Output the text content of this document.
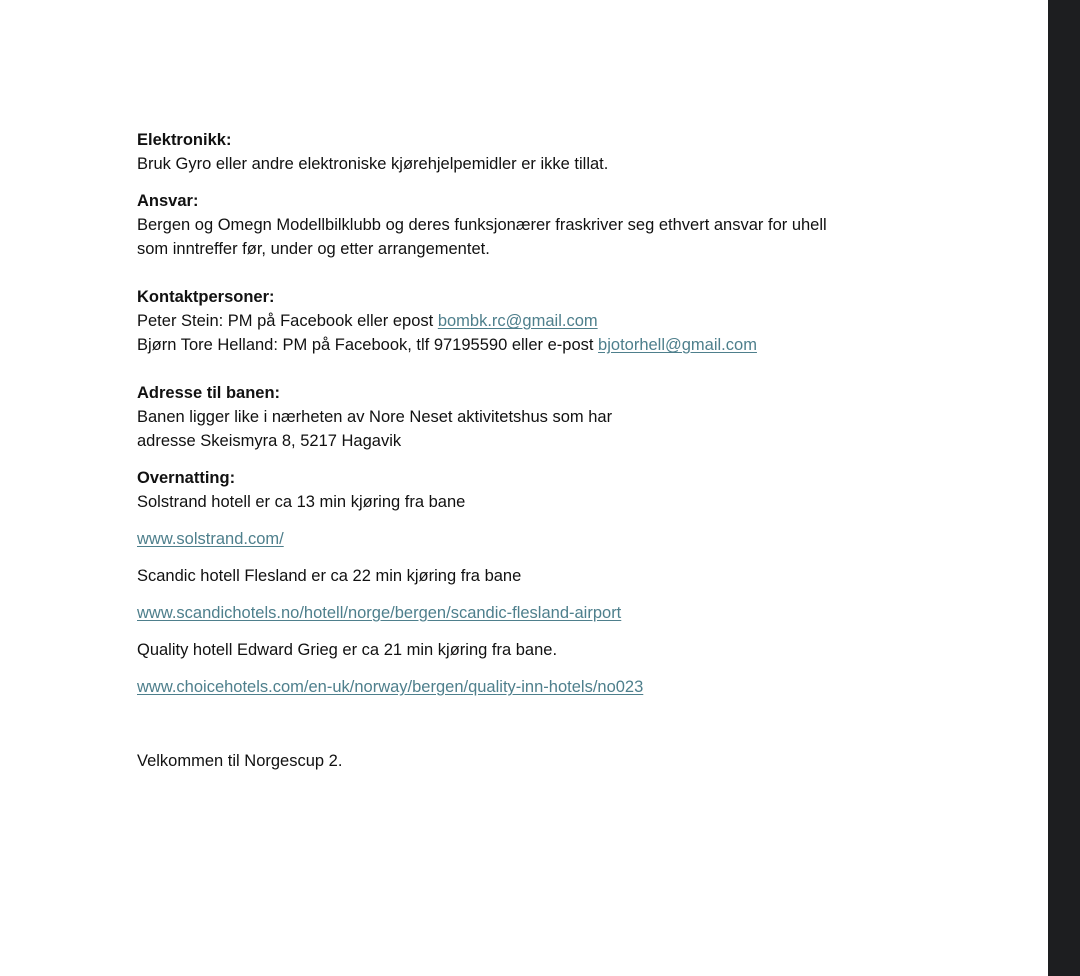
Elektronikk:

Bruk Gyro eller andre elektroniske kjørehjelpemidler er ikke tillat.

Ansvar:

Bergen og Omegn Modellbilklubb og deres funksjonærer fraskriver seg ethvert ansvar for uhell

som inntreffer før, under og etter arrangementet.

Kontaktpersoner:

Peter Stein: PM på Facebook eller epost bombk.rc@gmail.com

Bjørn Tore Helland: PM på Facebook, tlf 97195590 eller e-post bjotorhell@gmail.com

Adresse til banen:

Banen ligger like i nærheten av Nore Neset aktivitetshus som har

adresse Skeismyra 8, 5217 Hagavik

Overnatting:

Solstrand hotell er ca 13 min kjøring fra bane

www.solstrand.com/

Scandic hotell Flesland er ca 22 min kjøring fra bane

www.scandichotels.no/hotell/norge/bergen/scandic-flesland-airport

Quality hotell Edward Grieg er ca 21 min kjøring fra bane.

www.choicehotels.com/en-uk/norway/bergen/quality-inn-hotels/no023

Velkommen til Norgescup 2.
